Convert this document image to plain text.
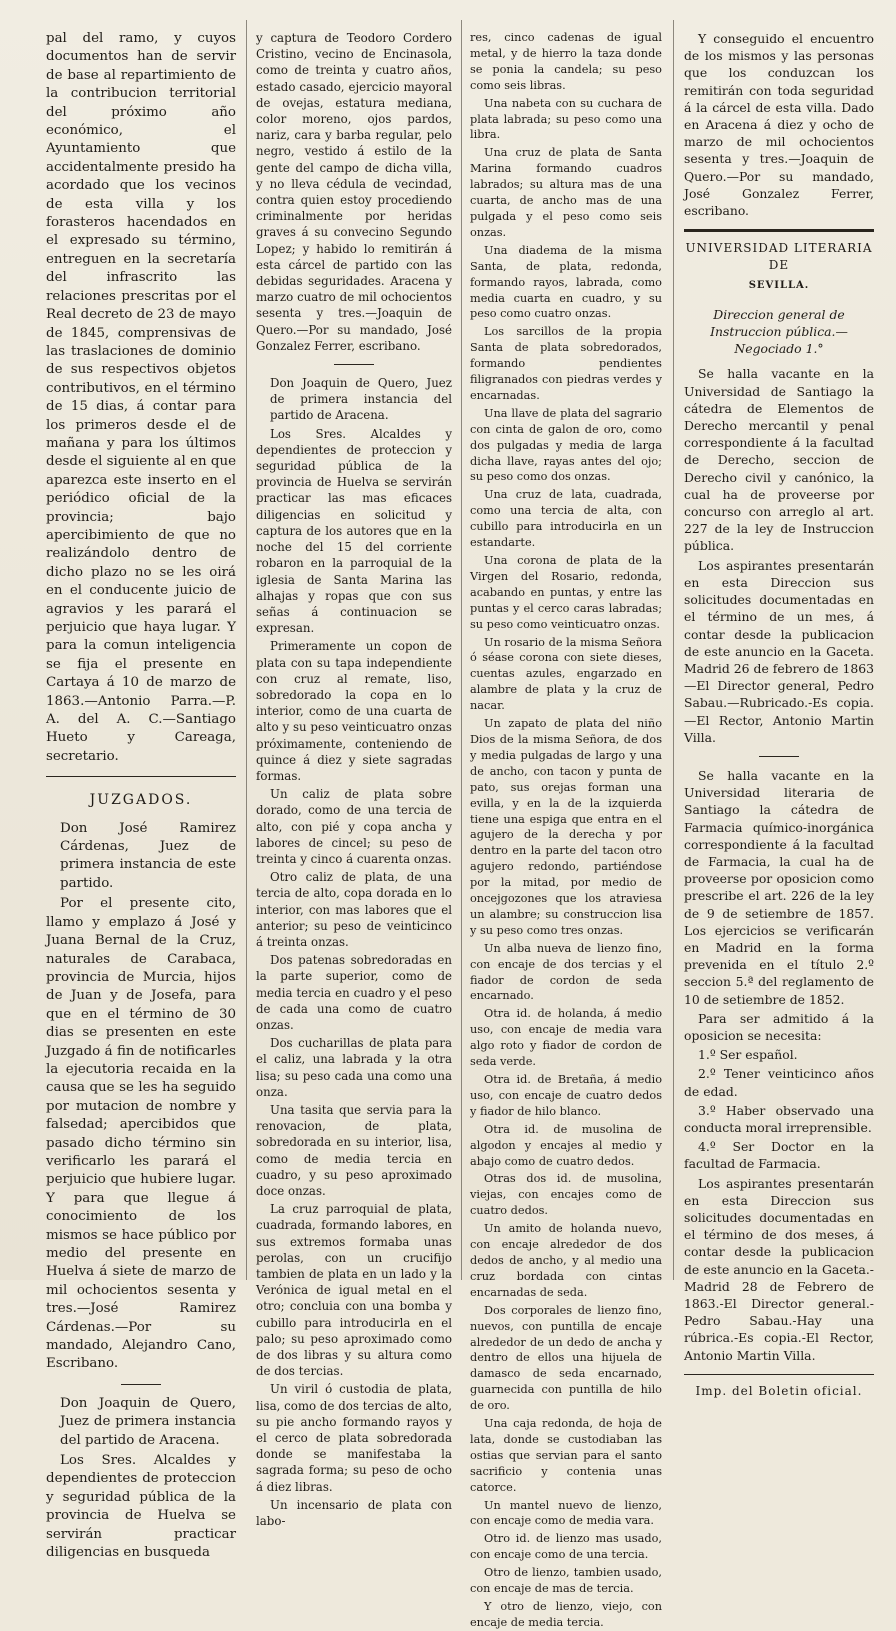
pal del ramo, y cuyos documentos han de servir de base al repartimiento de la contribucion territorial del próximo año económico, el Ayuntamiento que accidentalmente presido ha acordado que los vecinos de esta villa y los forasteros hacendados en el expresado su término, entreguen en la secretaría del infrascrito las relaciones prescritas por el Real decreto de 23 de mayo de 1845, comprensivas de las traslaciones de dominio de sus respectivos objetos contributivos, en el término de 15 dias, á contar para los primeros desde el de mañana y para los últimos desde el siguiente al en que aparezca este inserto en el periódico oficial de la provincia; bajo apercibimiento de que no realizándolo dentro de dicho plazo no se les oirá en el conducente juicio de agravios y les parará el perjuicio que haya lugar. Y para la comun inteligencia se fija el presente en Cartaya á 10 de marzo de 1863.—Antonio Parra.—P. A. del A. C.—Santiago Hueto y Careaga, secretario.

JUZGADOS.

Don José Ramirez Cárdenas, Juez de primera instancia de este partido.

Por el presente cito, llamo y emplazo á José y Juana Bernal de la Cruz, naturales de Carabaca, provincia de Murcia, hijos de Juan y de Josefa, para que en el término de 30 dias se presenten en este Juzgado á fin de notificarles la ejecutoria recaida en la causa que se les ha seguido por mutacion de nombre y falsedad; apercibidos que pasado dicho término sin verificarlo les parará el perjuicio que hubiere lugar. Y para que llegue á conocimiento de los mismos se hace público por medio del presente en Huelva á siete de marzo de mil ochocientos sesenta y tres.—José Ramirez Cárdenas.—Por su mandado, Alejandro Cano, Escribano.

Don Joaquin de Quero, Juez de primera instancia del partido de Aracena.

Los Sres. Alcaldes y dependientes de proteccion y seguridad pública de la provincia de Huelva se servirán practicar diligencias en busqueda

y captura de Teodoro Cordero Cristino, vecino de Encinasola, como de treinta y cuatro años, estado casado, ejercicio mayoral de ovejas, estatura mediana, color moreno, ojos pardos, nariz, cara y barba regular, pelo negro, vestido á estilo de la gente del campo de dicha villa, y no lleva cédula de vecindad, contra quien estoy procediendo criminalmente por heridas graves á su convecino Segundo Lopez; y habido lo remitirán á esta cárcel de partido con las debidas seguridades. Aracena y marzo cuatro de mil ochocientos sesenta y tres.—Joaquin de Quero.—Por su mandado, José Gonzalez Ferrer, escribano.

Don Joaquin de Quero, Juez de primera instancia del partido de Aracena.

Los Sres. Alcaldes y dependientes de proteccion y seguridad pública de la provincia de Huelva se servirán practicar las mas eficaces diligencias en solicitud y captura de los autores que en la noche del 15 del corriente robaron en la parroquial de la iglesia de Santa Marina las alhajas y ropas que con sus señas á continuacion se expresan.

Primeramente un copon de plata con su tapa independiente con cruz al remate, liso, sobredorado la copa en lo interior, como de una cuarta de alto y su peso veinticuatro onzas próximamente, conteniendo de quince á diez y siete sagradas formas.

Un caliz de plata sobre dorado, como de una tercia de alto, con pié y copa ancha y labores de cincel; su peso de treinta y cinco á cuarenta onzas.

Otro caliz de plata, de una tercia de alto, copa dorada en lo interior, con mas labores que el anterior; su peso de veinticinco á treinta onzas.

Dos patenas sobredoradas en la parte superior, como de media tercia en cuadro y el peso de cada una como de cuatro onzas.

Dos cucharillas de plata para el caliz, una labrada y la otra lisa; su peso cada una como una onza.

Una tasita que servia para la renovacion, de plata, sobredorada en su interior, lisa, como de media tercia en cuadro, y su peso aproximado doce onzas.

La cruz parroquial de plata, cuadrada, formando labores, en sus extremos formaba unas perolas, con un crucifijo tambien de plata en un lado y la Verónica de igual metal en el otro; concluia con una bomba y cubillo para introducirla en el palo; su peso aproximado como de dos libras y su altura como de dos tercias.

Un viril ó custodia de plata, lisa, como de dos tercias de alto, su pie ancho formando rayos y el cerco de plata sobredorada donde se manifestaba la sagrada forma; su peso de ocho á diez libras.

Un incensario de plata con labo-

res, cinco cadenas de igual metal, y de hierro la taza donde se ponia la candela; su peso como seis libras.

Una nabeta con su cuchara de plata labrada; su peso como una libra.

Una cruz de plata de Santa Marina formando cuadros labrados; su altura mas de una cuarta, de ancho mas de una pulgada y el peso como seis onzas.

Una diadema de la misma Santa, de plata, redonda, formando rayos, labrada, como media cuarta en cuadro, y su peso como cuatro onzas.

Los sarcillos de la propia Santa de plata sobredorados, formando pendientes filigranados con piedras verdes y encarnadas.

Una llave de plata del sagrario con cinta de galon de oro, como dos pulgadas y media de larga dicha llave, rayas antes del ojo; su peso como dos onzas.

Una cruz de lata, cuadrada, como una tercia de alta, con cubillo para introducirla en un estandarte.

Una corona de plata de la Virgen del Rosario, redonda, acabando en puntas, y entre las puntas y el cerco caras labradas; su peso como veinticuatro onzas.

Un rosario de la misma Señora ó séase corona con siete dieses, cuentas azules, engarzado en alambre de plata y la cruz de nacar.

Un zapato de plata del niño Dios de la misma Señora, de dos y media pulgadas de largo y una de ancho, con tacon y punta de pato, sus orejas forman una evilla, y en la de la izquierda tiene una espiga que entra en el agujero de la derecha y por dentro en la parte del tacon otro agujero redondo, partiéndose por la mitad, por medio de oncejgozones que los atraviesa un alambre; su construccion lisa y su peso como tres onzas.

Un alba nueva de lienzo fino, con encaje de dos tercias y el fiador de cordon de seda encarnado.

Otra id. de holanda, á medio uso, con encaje de media vara algo roto y fiador de cordon de seda verde.

Otra id. de Bretaña, á medio uso, con encaje de cuatro dedos y fiador de hilo blanco.

Otra id. de musolina de algodon y encajes al medio y abajo como de cuatro dedos.

Otras dos id. de musolina, viejas, con encajes como de cuatro dedos.

Un amito de holanda nuevo, con encaje alrededor de dos dedos de ancho, y al medio una cruz bordada con cintas encarnadas de seda.

Dos corporales de lienzo fino, nuevos, con puntilla de encaje alrededor de un dedo de ancha y dentro de ellos una hijuela de damasco de seda encarnado, guarnecida con puntilla de hilo de oro.

Una caja redonda, de hoja de lata, donde se custodiaban las ostias que servian para el santo sacrificio y contenia unas catorce.

Un mantel nuevo de lienzo, con encaje como de media vara.

Otro id. de lienzo mas usado, con encaje como de una tercia.

Otro de lienzo, tambien usado, con encaje de mas de tercia.

Y otro de lienzo, viejo, con encaje de media tercia.

Y conseguido el encuentro de los mismos y las personas que los conduzcan los remitirán con toda seguridad á la cárcel de esta villa. Dado en Aracena á diez y ocho de marzo de mil ochocientos sesenta y tres.—Joaquin de Quero.—Por su mandado, José Gonzalez Ferrer, escribano.

UNIVERSIDAD LITERARIA DE

SEVILLA.

Direccion general de Instruccion pública.—Negociado 1.°

Se halla vacante en la Universidad de Santiago la cátedra de Elementos de Derecho mercantil y penal correspondiente á la facultad de Derecho, seccion de Derecho civil y canónico, la cual ha de proveerse por concurso con arreglo al art. 227 de la ley de Instruccion pública.

Los aspirantes presentarán en esta Direccion sus solicitudes documentadas en el término de un mes, á contar desde la publicacion de este anuncio en la Gaceta. Madrid 26 de febrero de 1863 —El Director general, Pedro Sabau.—Rubricado.-Es copia. —El Rector, Antonio Martin Villa.

Se halla vacante en la Universidad literaria de Santiago la cátedra de Farmacia químico-inorgánica correspondiente á la facultad de Farmacia, la cual ha de proveerse por oposicion como prescribe el art. 226 de la ley de 9 de setiembre de 1857. Los ejercicios se verificarán en Madrid en la forma prevenida en el título 2.º seccion 5.ª del reglamento de 10 de setiembre de 1852.

Para ser admitido á la oposicion se necesita:

1.º Ser español.

2.º Tener veinticinco años de edad.

3.º Haber observado una conducta moral irreprensible.

4.º Ser Doctor en la facultad de Farmacia.

Los aspirantes presentarán en esta Direccion sus solicitudes documentadas en el término de dos meses, á contar desde la publicacion de este anuncio en la Gaceta.-Madrid 28 de Febrero de 1863.-El Director general.-Pedro Sabau.-Hay una rúbrica.-Es copia.-El Rector, Antonio Martin Villa.

Imp. del Boletin oficial.
